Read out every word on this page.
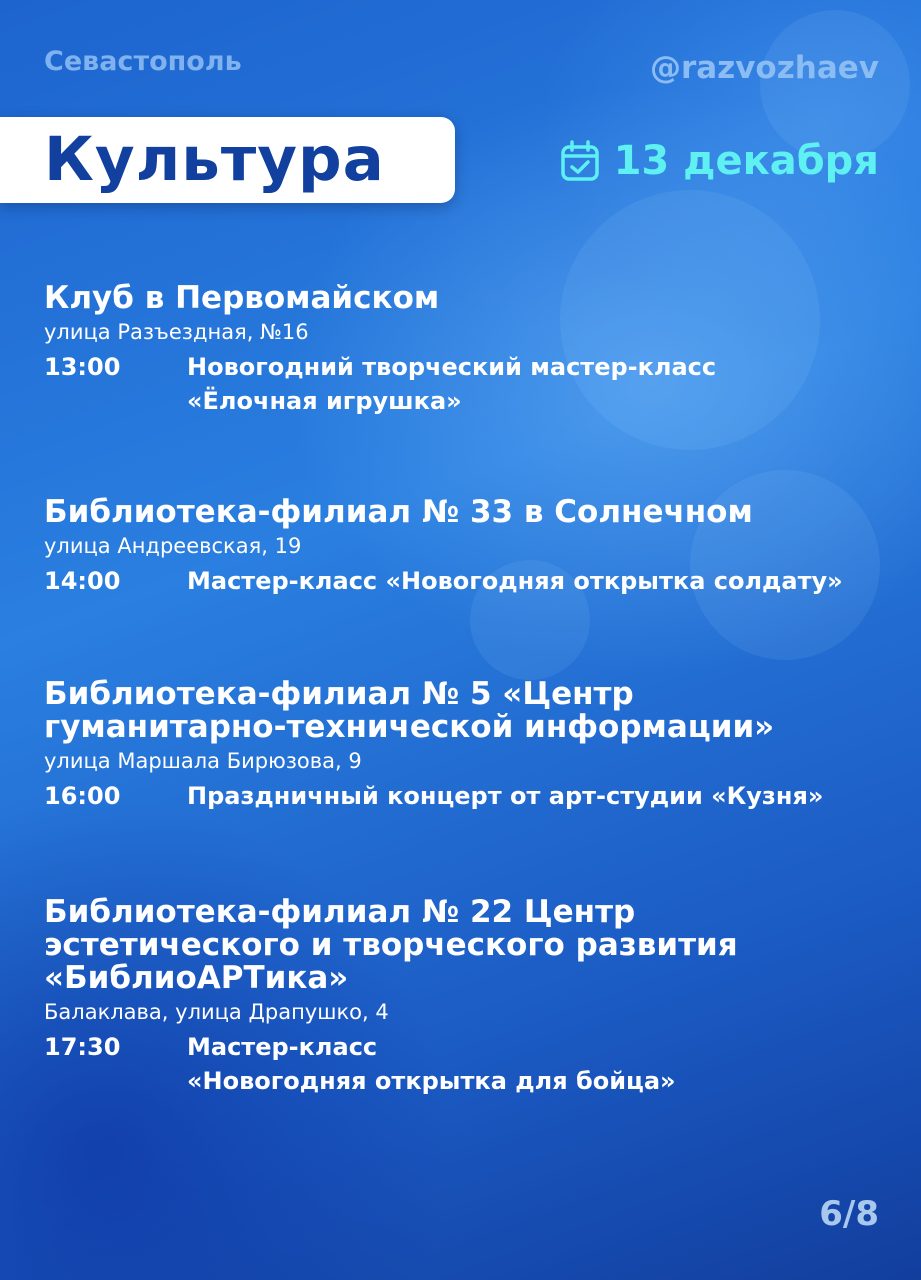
Севастополь	@razvozhaev
Культура	13 декабря
Клуб в Первомайском
улица Разъездная, №16
13:00	Новогодний творческий мастер-класс
«Ёлочная игрушка»
Библиотека-филиал № 33 в Солнечном
улица Андреевская, 19
14:00	Мастер-класс «Новогодняя открытка солдату»
Библиотека-филиал № 5 «Центр
гуманитарно-технической информации»
улица Маршала Бирюзова, 9
16:00	Праздничный концерт от арт-студии «Кузня»
Библиотека-филиал № 22 Центр
эстетического и творческого развития
«БиблиоАРТика»
Балаклава, улица Драпушко, 4
17:30	Мастер-класс
«Новогодняя открытка для бойца»
6/8
